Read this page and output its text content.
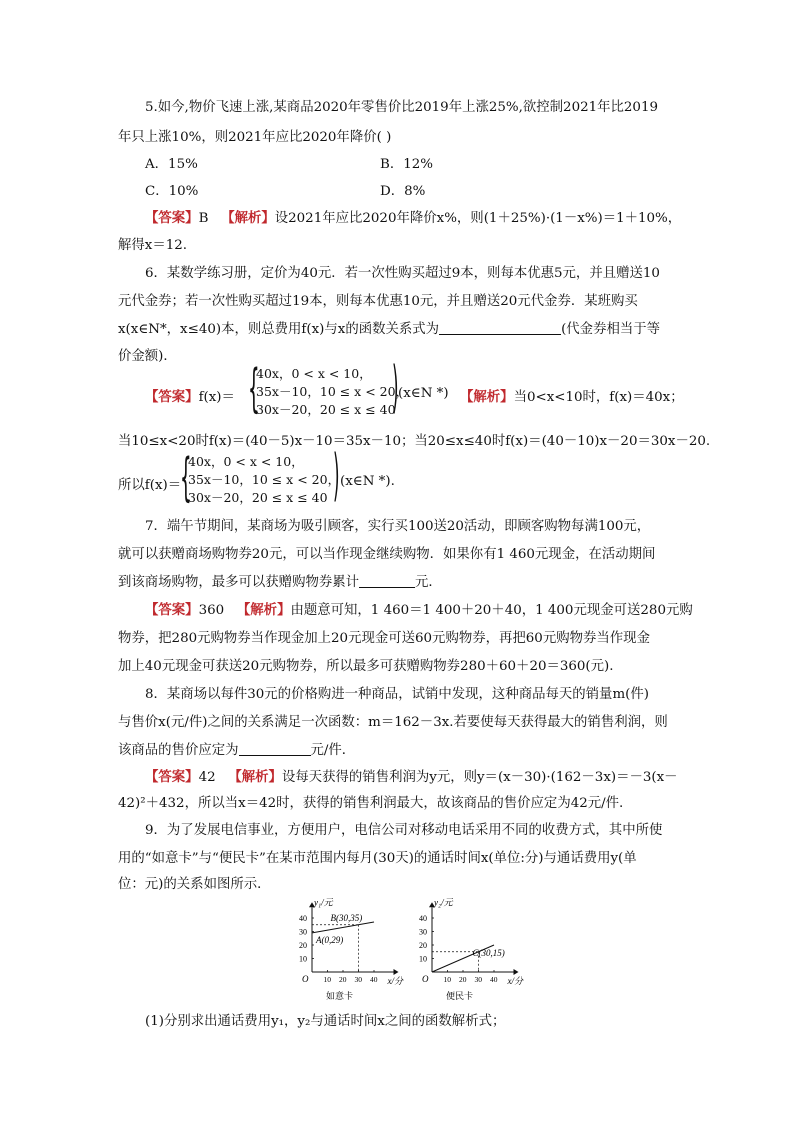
5.如今,物价飞速上涨,某商品2020年零售价比2019年上涨25%,欲控制2021年比2019
年只上涨10%，则2021年应比2020年降价( )
A．15%	B．12%
C．10%	D．8%
【答案】B 【解析】设2021年应比2020年降价x%，则(1＋25%)·(1－x%)＝1＋10%，
解得x＝12.
6．某数学练习册，定价为40元．若一次性购买超过9本，则每本优惠5元，并且赠送10
元代金券；若一次性购买超过19本，则每本优惠10元，并且赠送20元代金券．某班购买
x(x∈N*，x≤40)本，则总费用f(x)与x的函数关系式为	(代金券相当于等
价金额)．
【答案】f(x)＝ {
40x，0 < x < 10，
35x－10，10 ≤ x < 20，
30x－20，20 ≤ x ≤ 40
) (x∈N *) 【解析】当0<x<10时，f(x)＝40x；
当10≤x<20时f(x)＝(40－5)x－10＝35x－10；当20≤x≤40时f(x)＝(40－10)x－20＝30x－20.
所以f(x)＝
{
40x，0 < x < 10，
35x－10，10 ≤ x < 20，
30x－20，20 ≤ x ≤ 40 ) (x∈N *).
7．端午节期间，某商场为吸引顾客，实行买100送20活动，即顾客购物每满100元，
就可以获赠商场购物券20元，可以当作现金继续购物．如果你有1 460元现金，在活动期间
到该商场购物，最多可以获赠购物券累计	元．
【答案】360 【解析】由题意可知，1 460＝1 400＋20＋40，1 400元现金可送280元购
物券，把280元购物券当作现金加上20元现金可送60元购物券，再把60元购物券当作现金
加上40元现金可获送20元购物券，所以最多可获赠购物券280＋60＋20＝360(元).
8．某商场以每件30元的价格购进一种商品，试销中发现，这种商品每天的销量m(件)
与售价x(元/件)之间的关系满足一次函数：m＝162－3x.若要使每天获得最大的销售利润，则
该商品的售价应定为	元/件．
【答案】42 【解析】设每天获得的销售利润为y元，则y＝(x－30)·(162－3x)＝－3(x－
42)²＋432，所以当x＝42时，获得的销售利润最大，故该商品的售价应定为42元/件.
9．为了发展电信事业，方便用户，电信公司对移动电话采用不同的收费方式，其中所使
用的“如意卡”与“便民卡”在某市范围内每月(30天)的通话时间x(单位:分)与通话费用y(单
位：元)的关系如图所示．
y₁/元
x/分
O
10
20
30
40
10 20 30 40
A(0,29)
B(30,35)
如意卡
y₂/元
x/分
O
10
20
30
40
10 20 30 40
C(30,15)
便民卡
(1)分别求出通话费用y₁，y₂与通话时间x之间的函数解析式；
